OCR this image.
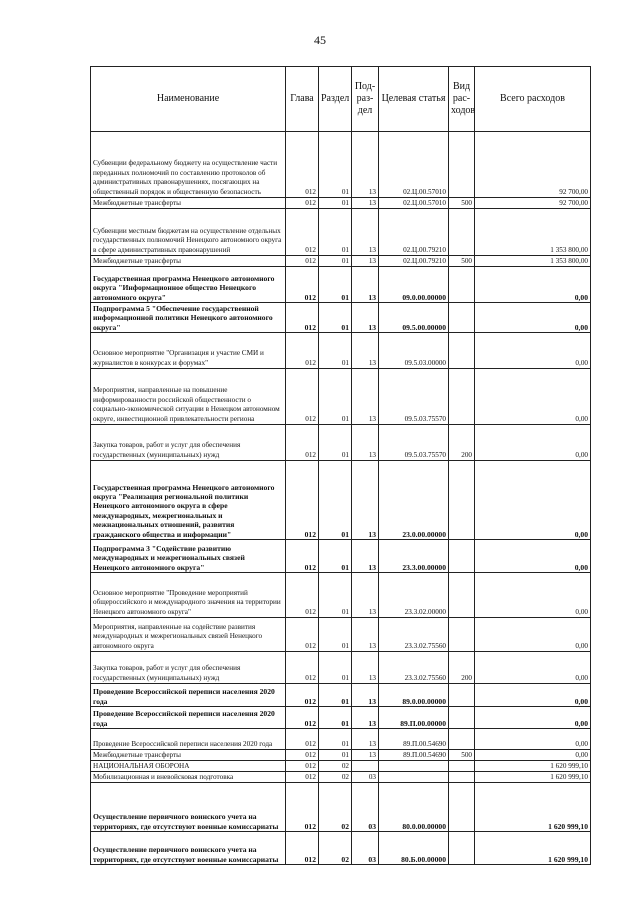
45
Наименование	Глава	Раздел	Под-раз-дел	Целевая статья	Вид рас-ходов	Всего расходов
Субвенции федеральному бюджету на осуществление части переданных полномочий по составлению протоколов об административных правонарушениях, посягающих на общественный порядок и общественную безопасность	012	01	13	02.Ц.00.57010		92 700,00
Межбюджетные трансферты	012	01	13	02.Ц.00.57010	500	92 700,00
Субвенции местным бюджетам на осуществление отдельных государственных полномочий Ненецкого автономного округа в сфере административных правонарушений	012	01	13	02.Ц.00.79210		1 353 800,00
Межбюджетные трансферты	012	01	13	02.Ц.00.79210	500	1 353 800,00
Государственная программа Ненецкого автономного округа "Информационное общество Ненецкого автономного округа"	012	01	13	09.0.00.00000		0,00
Подпрограмма 5 "Обеспечение государственной информационной политики Ненецкого автономного округа"	012	01	13	09.5.00.00000		0,00
Основное мероприятие "Организация и участие СМИ и журналистов в конкурсах и форумах"	012	01	13	09.5.03.00000		0,00
Мероприятия, направленные на повышение информированности российской общественности о социально-экономической ситуации в Ненецком автономном округе, инвестиционной привлекательности региона	012	01	13	09.5.03.75570		0,00
Закупка товаров, работ и услуг для обеспечения государственных (муниципальных) нужд	012	01	13	09.5.03.75570	200	0,00
Государственная программа Ненецкого автономного округа "Реализация региональной политики Ненецкого автономного округа в сфере международных, межрегиональных и межнациональных отношений, развития гражданского общества и информации"	012	01	13	23.0.00.00000		0,00
Подпрограмма 3 "Содействие развитию международных и межрегиональных связей Ненецкого автономного округа"	012	01	13	23.3.00.00000		0,00
Основное мероприятие "Проведение мероприятий общероссийского и международного значения на территории Ненецкого автономного округа"	012	01	13	23.3.02.00000		0,00
Мероприятия, направленные на содействие развития международных и межрегиональных связей Ненецкого автономного округа	012	01	13	23.3.02.75560		0,00
Закупка товаров, работ и услуг для обеспечения государственных (муниципальных) нужд	012	01	13	23.3.02.75560	200	0,00
Проведение Всероссийской переписи населения 2020 года	012	01	13	89.0.00.00000		0,00
Проведение Всероссийской переписи населения 2020 года	012	01	13	89.П.00.00000		0,00
Проведение Всероссийской переписи населения 2020 года	012	01	13	89.П.00.54690		0,00
Межбюджетные трансферты	012	01	13	89.П.00.54690	500	0,00
НАЦИОНАЛЬНАЯ ОБОРОНА	012	02				1 620 999,10
Мобилизационная и вневойсковая подготовка	012	02	03			1 620 999,10
Осуществление первичного воинского учета на территориях, где отсутствуют военные комиссариаты	012	02	03	80.0.00.00000		1 620 999,10
Осуществление первичного воинского учета на территориях, где отсутствуют военные комиссариаты	012	02	03	80.Б.00.00000		1 620 999,10
